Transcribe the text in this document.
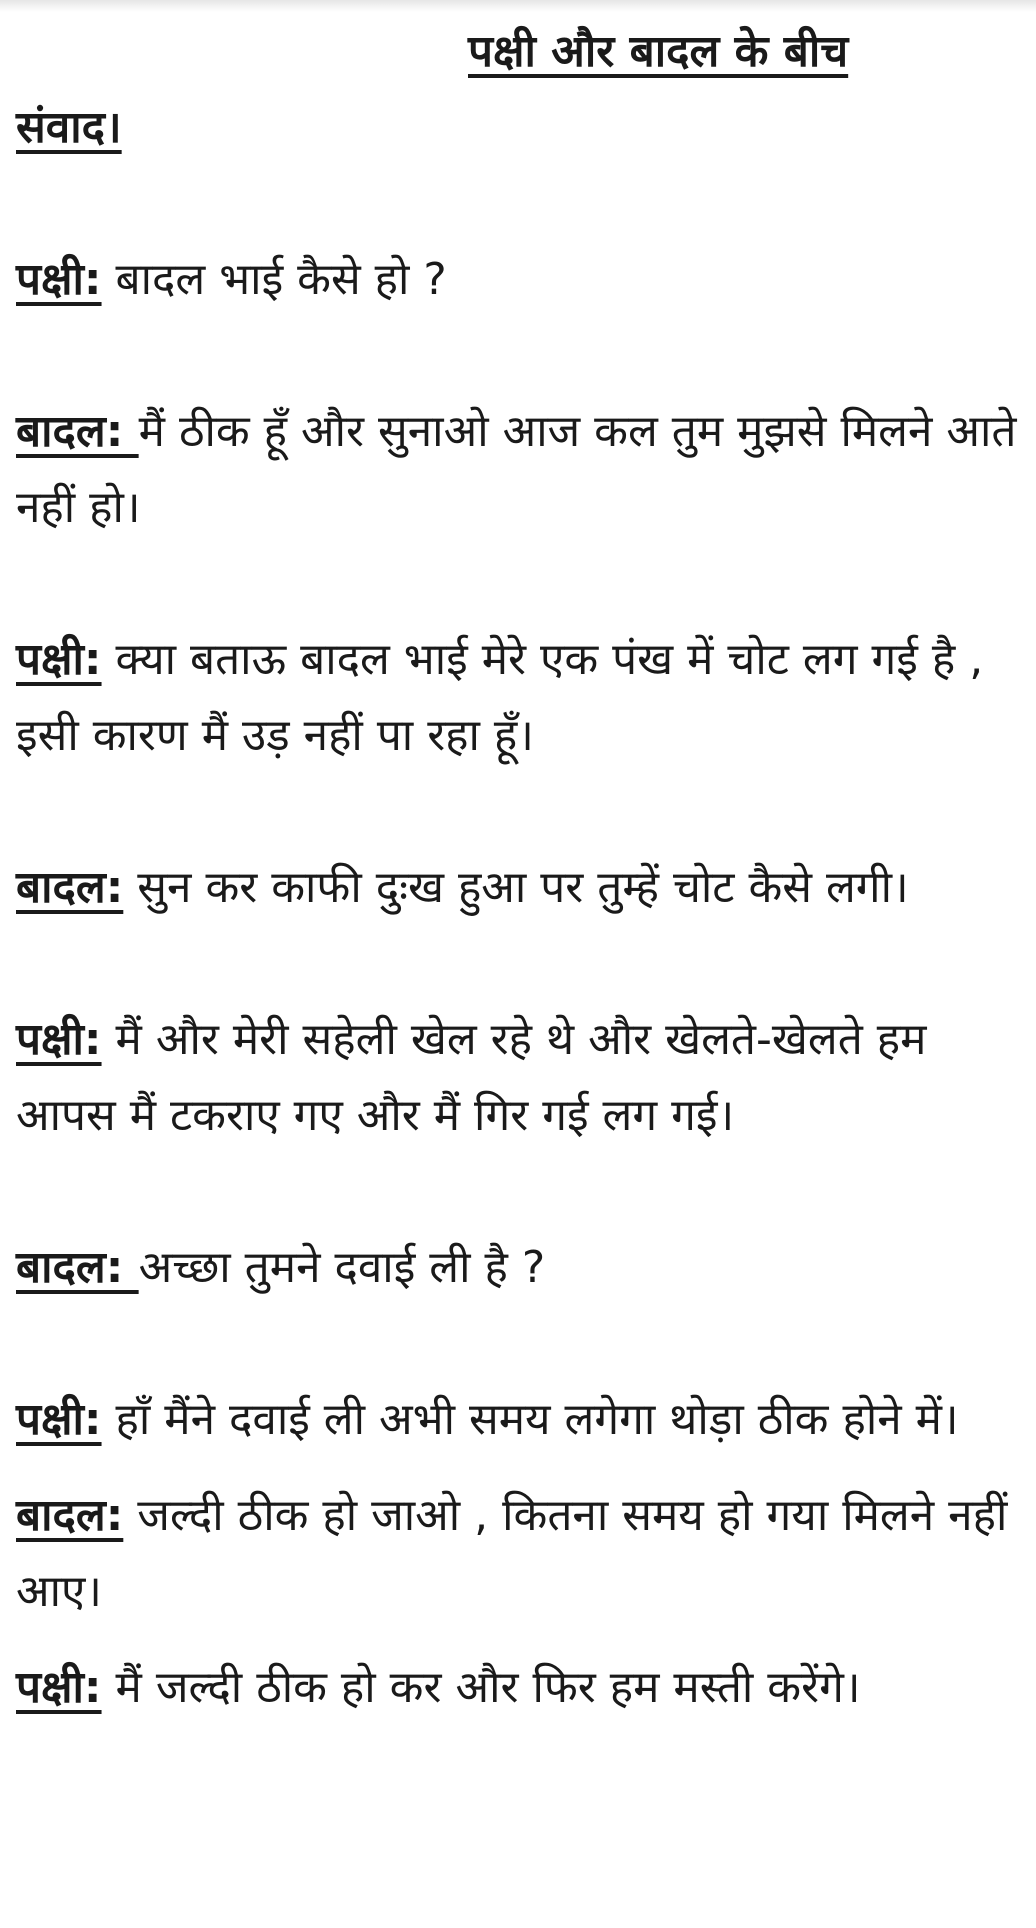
पक्षी और बादल के बीच
संवाद।

पक्षी: बादल भाई कैसे हो ?

बादल: मैं ठीक हूँ और सुनाओ आज कल तुम मुझसे मिलने आते नहीं हो।

पक्षी: क्या बताऊ बादल भाई मेरे एक पंख में चोट लग गई है , इसी कारण मैं उड़ नहीं पा रहा हूँ।

बादल: सुन कर काफी दुःख हुआ पर तुम्हें चोट कैसे लगी।

पक्षी: मैं और मेरी सहेली खेल रहे थे और खेलते-खेलते हम आपस मैं टकराए गए और मैं गिर गई लग गई।

बादल: अच्छा तुमने दवाई ली है ?

पक्षी: हाँ मैंने दवाई ली अभी समय लगेगा थोड़ा ठीक होने में।

बादल: जल्दी ठीक हो जाओ , कितना समय हो गया मिलने नहीं आए।

पक्षी: मैं जल्दी ठीक हो कर और फिर हम मस्ती करेंगे।
